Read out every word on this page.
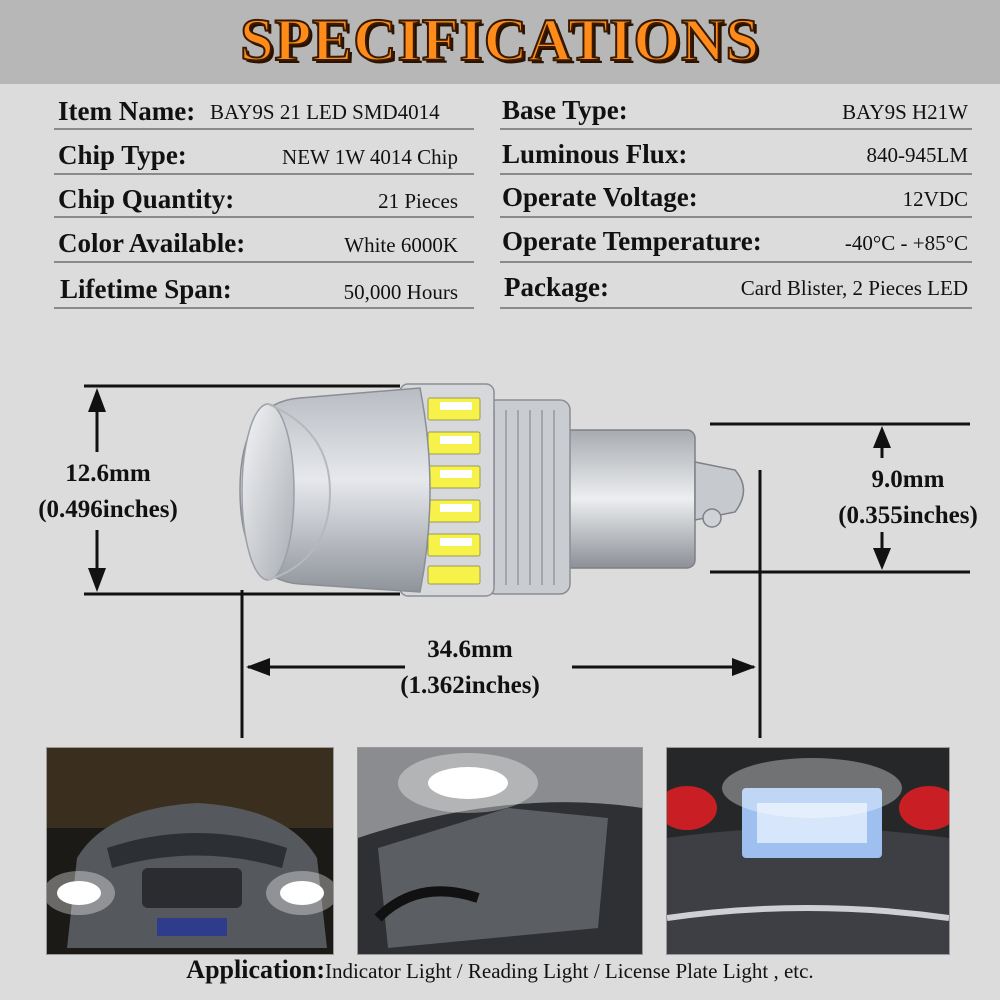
SPECIFICATIONS
Item Name: BAY9S 21 LED SMD4014
Chip Type:	NEW 1W 4014 Chip
Chip Quantity:	21 Pieces
Color Available:	White 6000K
Lifetime Span:	50,000 Hours
Base Type:	BAY9S H21W
Luminous Flux:	840-945LM
Operate Voltage:	12VDC
Operate Temperature:	-40°C - +85°C
Package:	Card Blister, 2 Pieces LED
12.6mm
(0.496inches)
9.0mm
(0.355inches)
34.6mm
(1.362inches)
Application:Indicator Light / Reading Light / License Plate Light , etc.
